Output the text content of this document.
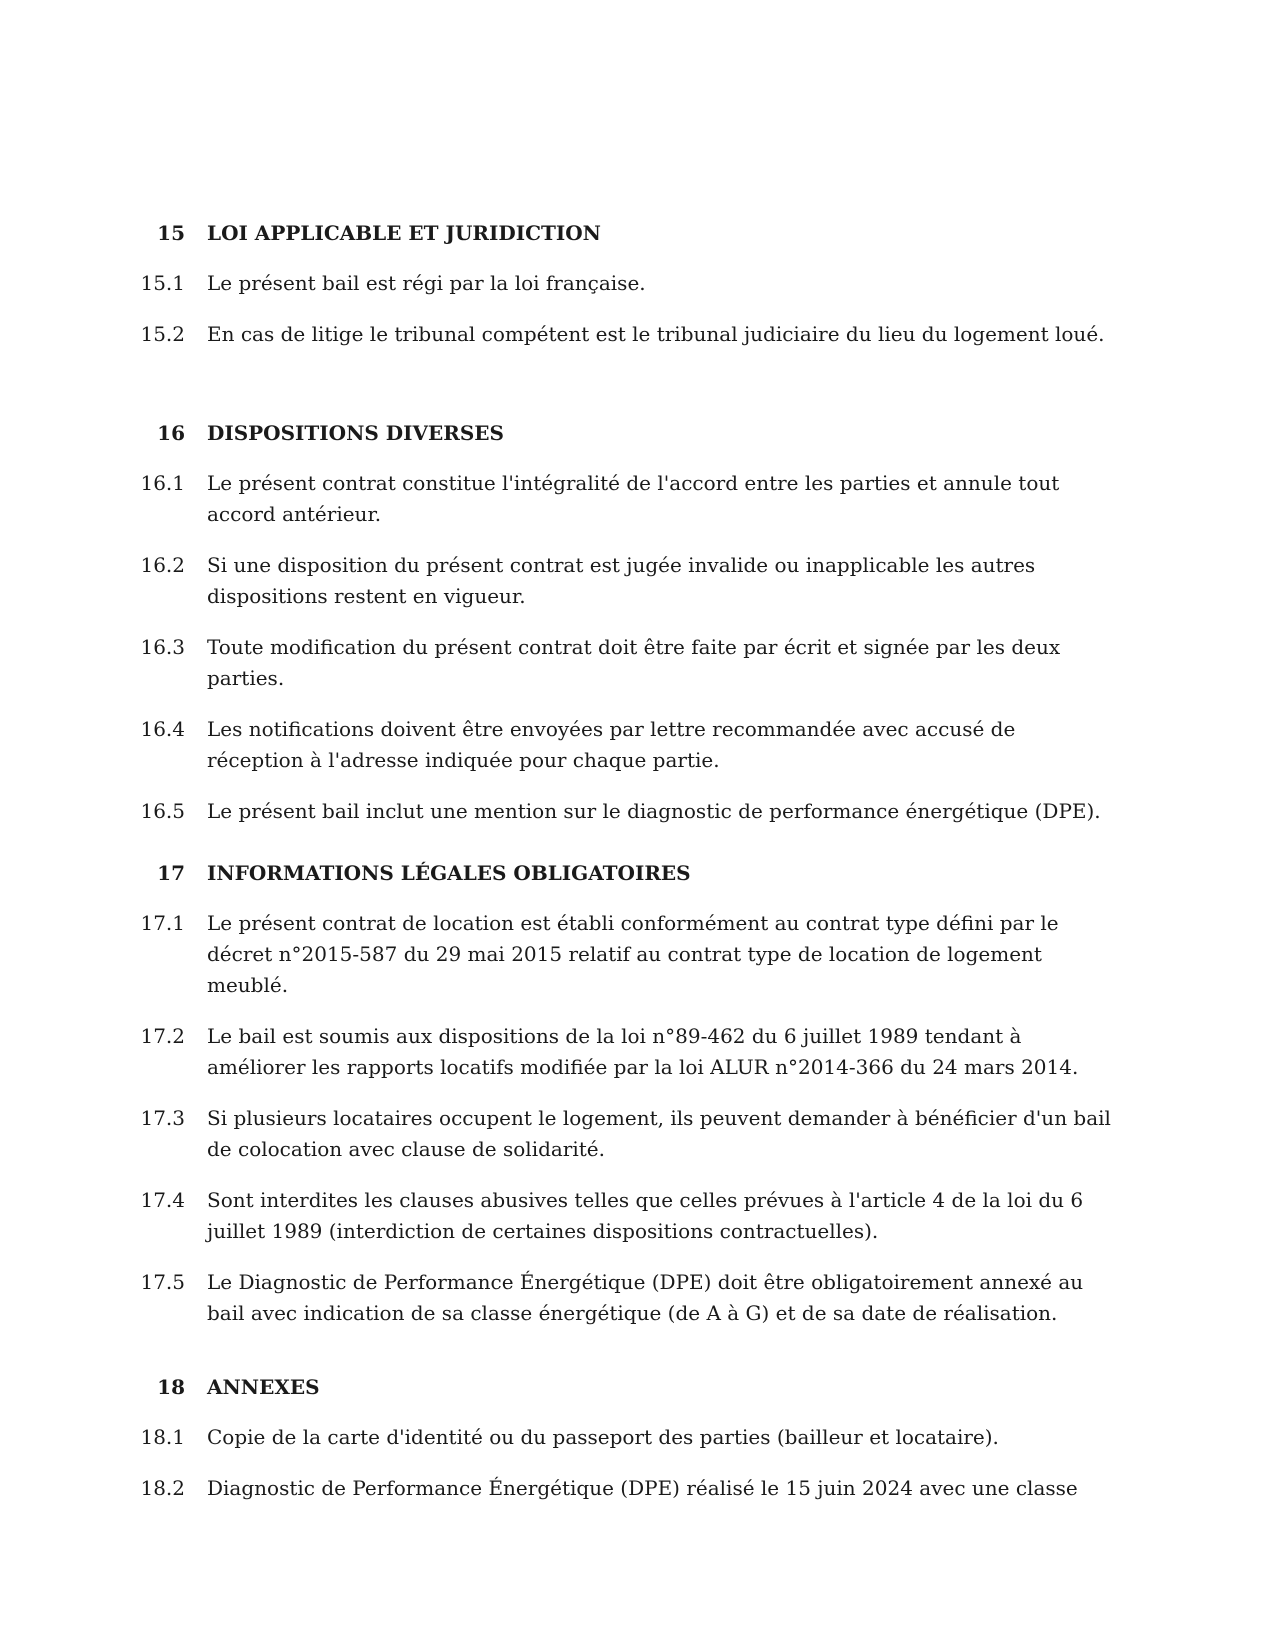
15 LOI APPLICABLE ET JURIDICTION
15.1 Le présent bail est régi par la loi française.
15.2 En cas de litige le tribunal compétent est le tribunal judiciaire du lieu du logement loué.
16 DISPOSITIONS DIVERSES
16.1 Le présent contrat constitue l'intégralité de l'accord entre les parties et annule tout accord antérieur.
16.2 Si une disposition du présent contrat est jugée invalide ou inapplicable les autres dispositions restent en vigueur.
16.3 Toute modification du présent contrat doit être faite par écrit et signée par les deux parties.
16.4 Les notifications doivent être envoyées par lettre recommandée avec accusé de réception à l'adresse indiquée pour chaque partie.
16.5 Le présent bail inclut une mention sur le diagnostic de performance énergétique (DPE).
17 INFORMATIONS LÉGALES OBLIGATOIRES
17.1 Le présent contrat de location est établi conformément au contrat type défini par le décret n°2015-587 du 29 mai 2015 relatif au contrat type de location de logement meublé.
17.2 Le bail est soumis aux dispositions de la loi n°89-462 du 6 juillet 1989 tendant à améliorer les rapports locatifs modifiée par la loi ALUR n°2014-366 du 24 mars 2014.
17.3 Si plusieurs locataires occupent le logement, ils peuvent demander à bénéficier d'un bail de colocation avec clause de solidarité.
17.4 Sont interdites les clauses abusives telles que celles prévues à l'article 4 de la loi du 6 juillet 1989 (interdiction de certaines dispositions contractuelles).
17.5 Le Diagnostic de Performance Énergétique (DPE) doit être obligatoirement annexé au bail avec indication de sa classe énergétique (de A à G) et de sa date de réalisation.
18 ANNEXES
18.1 Copie de la carte d'identité ou du passeport des parties (bailleur et locataire).
18.2 Diagnostic de Performance Énergétique (DPE) réalisé le 15 juin 2024 avec une classe
